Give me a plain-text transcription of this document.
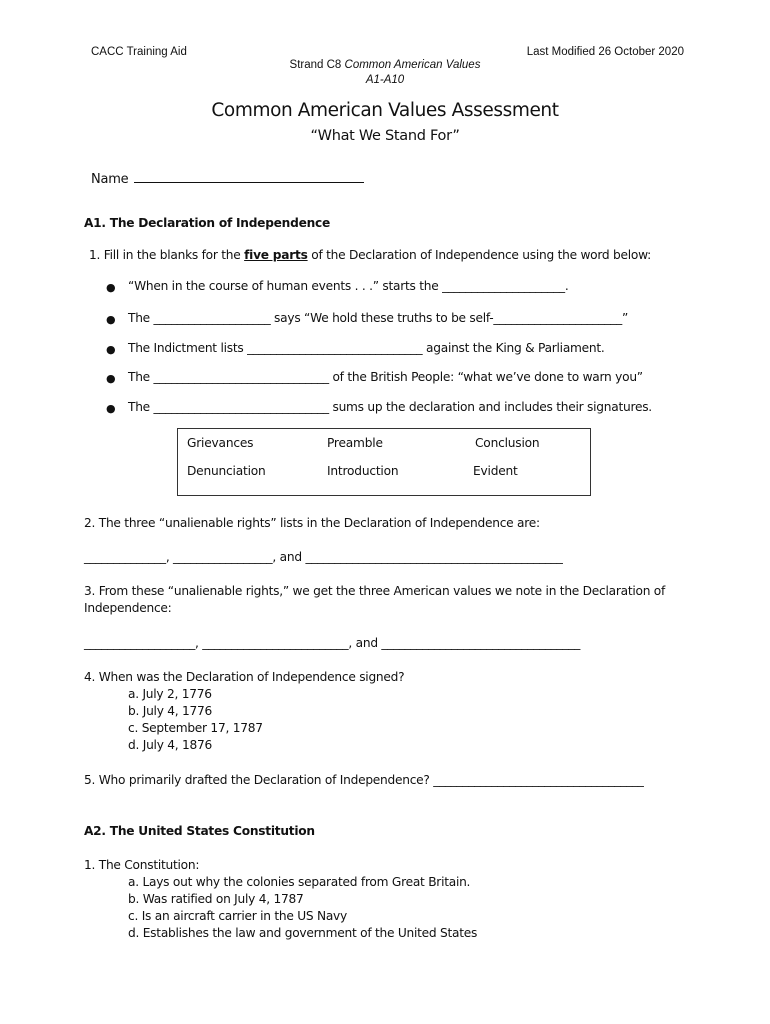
CACC Training Aid	Last Modified 26 October 2020
Strand C8 Common American Values
A1-A10
Common American Values Assessment
“What We Stand For”
Name
A1. The Declaration of Independence
1. Fill in the blanks for the five parts of the Declaration of Independence using the word below:
● “When in the course of human events . . .” starts the _____________________.
● The ____________________ says “We hold these truths to be self-______________________”
● The Indictment lists ______________________________ against the King & Parliament.
● The ______________________________ of the British People: “what we’ve done to warn you”
● The ______________________________ sums up the declaration and includes their signatures.
Grievances	Preamble	Conclusion
Denunciation	Introduction	Evident
2. The three “unalienable rights” lists in the Declaration of Independence are:
______________, _________________, and ____________________________________________
3. From these “unalienable rights,” we get the three American values we note in the Declaration of
Independence:
___________________, _________________________, and __________________________________
4. When was the Declaration of Independence signed?
a. July 2, 1776
b. July 4, 1776
c. September 17, 1787
d. July 4, 1876
5. Who primarily drafted the Declaration of Independence? ____________________________________
A2. The United States Constitution
1. The Constitution:
a. Lays out why the colonies separated from Great Britain.
b. Was ratified on July 4, 1787
c. Is an aircraft carrier in the US Navy
d. Establishes the law and government of the United States
